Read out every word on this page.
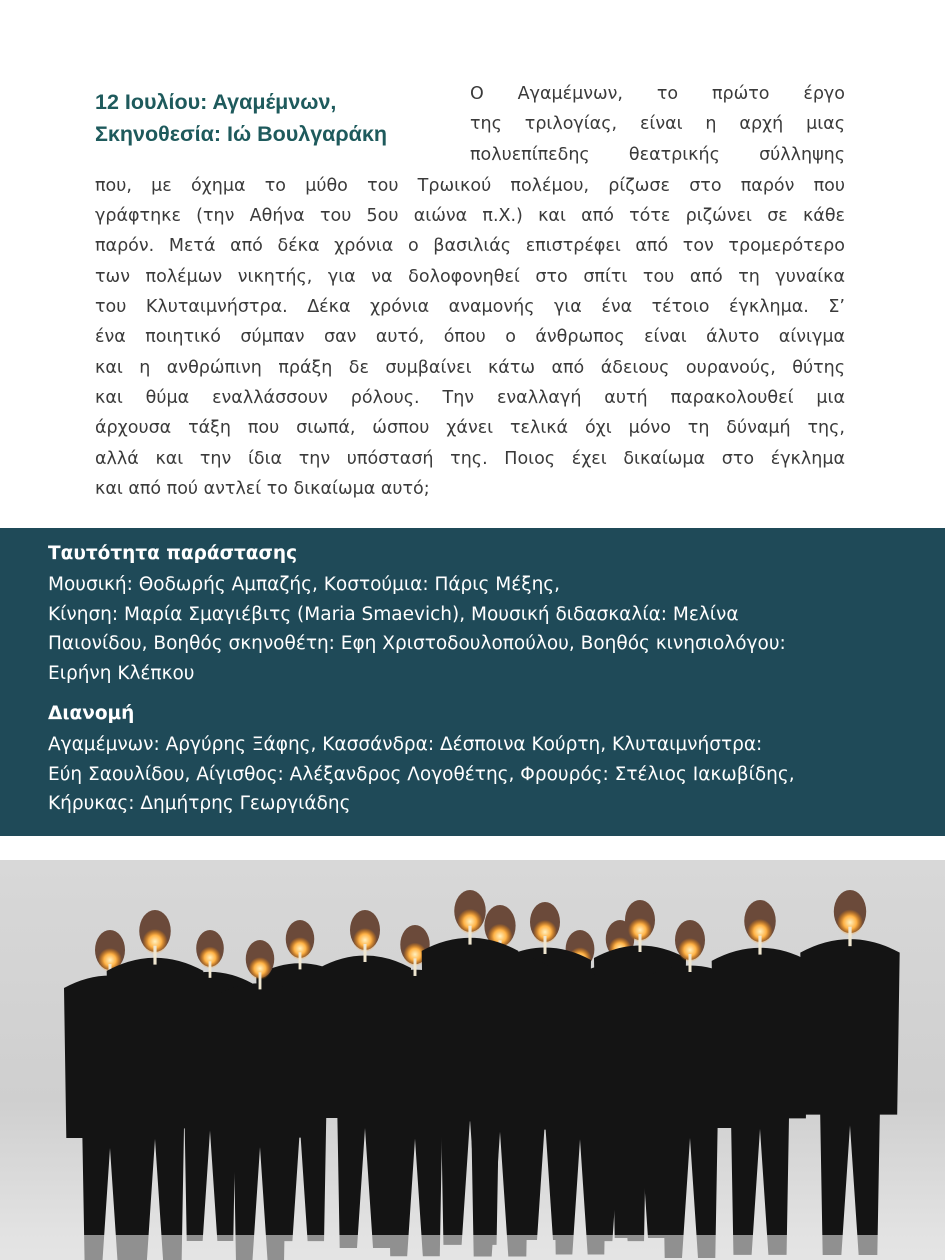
12 Ιουλίου: Αγαμέμνων,
Σκηνοθεσία: Ιώ Βουλγαράκη
Ο Αγαμέμνων, το πρώτο έργο
της τριλογίας, είναι η αρχή μιας
πολυεπίπεδης θεατρικής σύλληψης
που, με όχημα το μύθο του Τρωικού πολέμου, ρίζωσε στο παρόν που
γράφτηκε (την Αθήνα του 5ου αιώνα π.Χ.) και από τότε ριζώνει σε κάθε
παρόν. Μετά από δέκα χρόνια ο βασιλιάς επιστρέφει από τον τρομερότερο
των πολέμων νικητής, για να δολοφονηθεί στο σπίτι του από τη γυναίκα
του Κλυταιμνήστρα. Δέκα χρόνια αναμονής για ένα τέτοιο έγκλημα. Σ’
ένα ποιητικό σύμπαν σαν αυτό, όπου ο άνθρωπος είναι άλυτο αίνιγμα
και η ανθρώπινη πράξη δε συμβαίνει κάτω από άδειους ουρανούς, θύτης
και θύμα εναλλάσσουν ρόλους. Την εναλλαγή αυτή παρακολουθεί μια
άρχουσα τάξη που σιωπά, ώσπου χάνει τελικά όχι μόνο τη δύναμή της,
αλλά και την ίδια την υπόστασή της. Ποιος έχει δικαίωμα στο έγκλημα
και από πού αντλεί το δικαίωμα αυτό;
Ταυτότητα παράστασης
Μουσική: Θοδωρής Αμπαζής, Κοστούμια: Πάρις Μέξης,
Κίνηση: Μαρία Σμαγιέβιτς (Maria Smaevich), Μουσική διδασκαλία: Μελίνα
Παιονίδου, Βοηθός σκηνοθέτη: Εφη Χριστοδουλοπούλου, Βοηθός κινησιολόγου:
Ειρήνη Κλέπκου
Διανομή
Αγαμέμνων: Αργύρης Ξάφης, Κασσάνδρα: Δέσποινα Κούρτη, Κλυταιμνήστρα:
Εύη Σαουλίδου, Αίγισθος: Αλέξανδρος Λογοθέτης, Φρουρός: Στέλιος Ιακωβίδης,
Κήρυκας: Δημήτρης Γεωργιάδης
